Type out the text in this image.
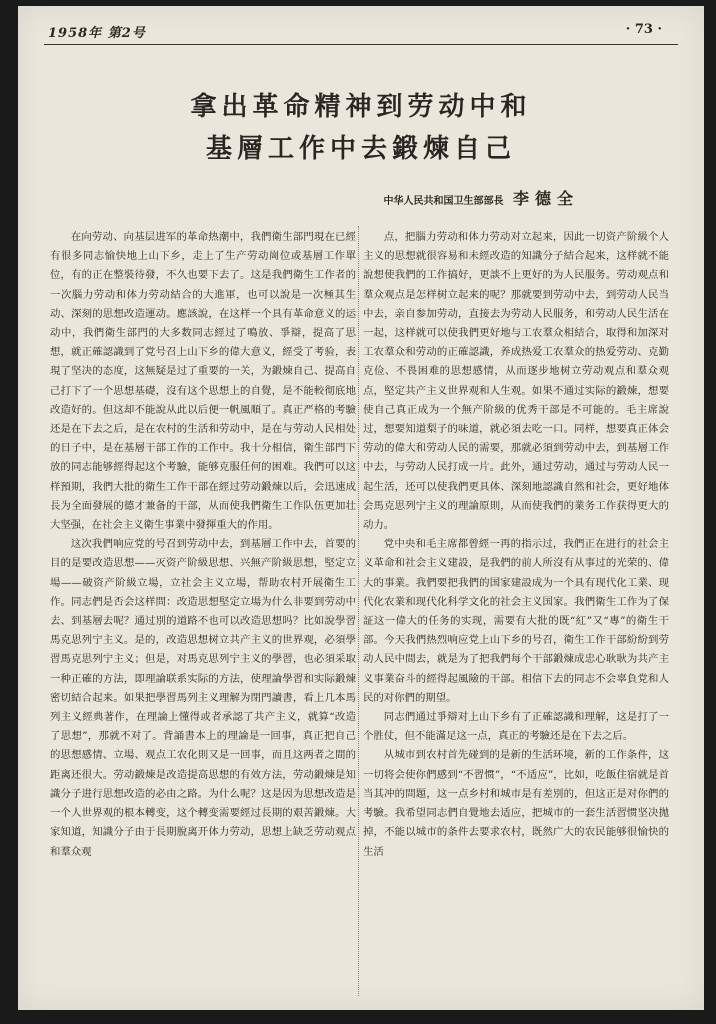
1958年 第2号	· 73 ·
拿出革命精神到劳动中和
基層工作中去鍛煉自己
中华人民共和国卫生部部長 李德全

在向劳动、向基层进军的革命热潮中，我們衛生部門現在已經有很多同志愉快地上山下乡，走上了生产劳动崗位或基層工作單位，有的正在整裝待發，不久也要下去了。这是我們衛生工作者的一次腦力劳动和体力劳动結合的大進軍，也可以說是一次極其生动、深刻的思想改造運动。應該說，在这样一个具有革命意义的运动中，我們衛生部門的大多数同志經过了鳴放、爭辯，提高了思想，就正確認識到了党号召上山下乡的偉大意义，經受了考验，表現了坚决的态度，这無疑是过了重要的一关，为鍛煉自己、提高自己打下了一个思想基礎，沒有这个思想上的自覺，是不能較彻底地改造好的。但这却不能說从此以后便一帆風順了。真正严格的考驗还是在下去之后，是在农村的生活和劳动中，是在与劳动人民相处的日子中，是在基層干部工作的工作中。我十分相信，衛生部門下放的同志能够經得起这个考驗，能够克服任何的困难。我們可以这样預期，我們大批的衛生工作干部在經过劳动鍛煉以后，会迅速成長为全面發展的德才兼备的干部，从而使我們衛生工作队伍更加壮大坚强，在社会主义衛生事業中發揮重大的作用。

这次我們响应党的号召到劳动中去，到基層工作中去，首要的目的是要改造思想——灭资产阶級思想、兴無产阶級思想，堅定立場——破资产阶級立場，立社会主义立場，帮助农村开展衛生工作。同志們是否会这样問：改造思想堅定立場为什么非要到劳动中去、到基層去呢？通过別的道路不也可以改造思想吗？比如說學習馬克思列宁主义。是的，改造思想树立共产主义的世界观，必須學習馬克思列宁主义；但是，对馬克思列宁主义的學習，也必須采取一种正確的方法，即理論联系实际的方法，使理論學習和实际鍛煉密切結合起来。如果把學習馬列主义理解为閉門讀書，看上几本馬列主义經典著作，在理論上懂得或者承認了共产主义，就算“改造了思想”，那就不对了。背誦書本上的理論是一回事，真正把自己的思想感情、立場、观点工农化則又是一回事，而且这两者之間的距离还很大。劳动鍛煉是改造提高思想的有效方法，劳动鍛煉是知識分子进行思想改造的必由之路。为什么呢？这是因为思想改造是一个人世界观的根本轉变，这个轉变需要經过長期的艰苦鍛煉。大家知道，知識分子由于長期脫离开体力劳动，思想上缺乏劳动观点和羣众观

点，把腦力劳动和体力劳动对立起来，因此一切资产阶級个人主义的思想就很容易和未經改造的知識分子結合起来，这样就不能說想使我們的工作搞好，更談不上更好的为人民服务。劳动观点和羣众观点是怎样树立起来的呢？那就要到劳动中去，到劳动人民当中去，亲自参加劳动，直接去为劳动人民服务，和劳动人民生活在一起，这样就可以使我們更好地与工农羣众相結合，取得和加深对工农羣众和劳动的正確認識，养成热爱工农羣众的热爱劳动、克勤克俭、不畏困难的思想感情，从而逐步地树立劳动观点和羣众观点，堅定共产主义世界观和人生观。如果不通过实际的鍛煉，想要使自己真正成为一个無产阶級的优秀干部是不可能的。毛主席說过，想要知道梨子的味道，就必須去吃一口。同样，想要真正体会劳动的偉大和劳动人民的需要，那就必須到劳动中去，到基層工作中去，与劳动人民打成一片。此外，通过劳动，通过与劳动人民一起生活，还可以使我們更具体、深刻地認識自然和社会，更好地体会馬克思列宁主义的理論原則，从而使我們的業务工作获得更大的动力。

党中央和毛主席都曾經一再的指示过，我們正在进行的社会主义革命和社会主义建設，是我們的前人所沒有从事过的光荣的、偉大的事業。我們要把我們的国家建設成为一个具有现代化工業、现代化农業和现代化科学文化的社会主义国家。我們衛生工作为了保証这一偉大的任务的实现，需要有大批的既“紅”又“專”的衛生干部。今天我們热烈响应党上山下乡的号召，衛生工作干部紛紛到劳动人民中間去，就是为了把我們每个干部鍛煉成忠心耿耿为共产主义事業奋斗的經得起風險的干部。相信下去的同志不会辜負党和人民的对你們的期望。

同志們通过爭辯对上山下乡有了正確認識和理解，这是打了一个胜仗，但不能滿足这一点，真正的考驗还是在下去之后。

从城市到农村首先碰到的是新的生活环境，新的工作条件，这一切将会使你們感到“不習惯”，“不适应”，比如，吃飯住宿就是首当其冲的問題，这一点乡村和城市是有差別的，但这正是对你們的考驗。我希望同志們自覺地去适应，把城市的一套生活習惯坚决拋掉，不能以城市的条件去要求农村，既然广大的农民能够很愉快的生活
